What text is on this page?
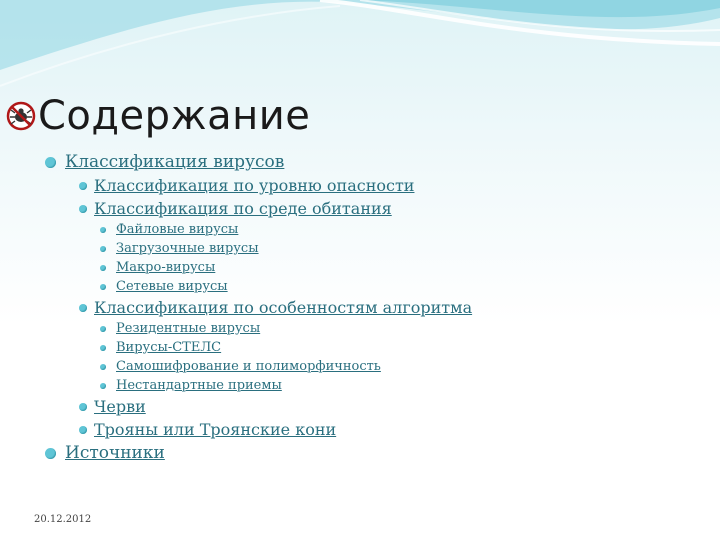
Содержание
Классификация вирусов
Классификация по уровню опасности
Классификация по среде обитания
Файловые вирусы
Загрузочные вирусы
Макро-вирусы
Сетевые вирусы
Классификация по особенностям алгоритма
Резидентные вирусы
Вирусы-СТЕЛС
Самошифрование и полиморфичность
Нестандартные приемы
Черви
Трояны или Троянские кони
Источники
20.12.2012
